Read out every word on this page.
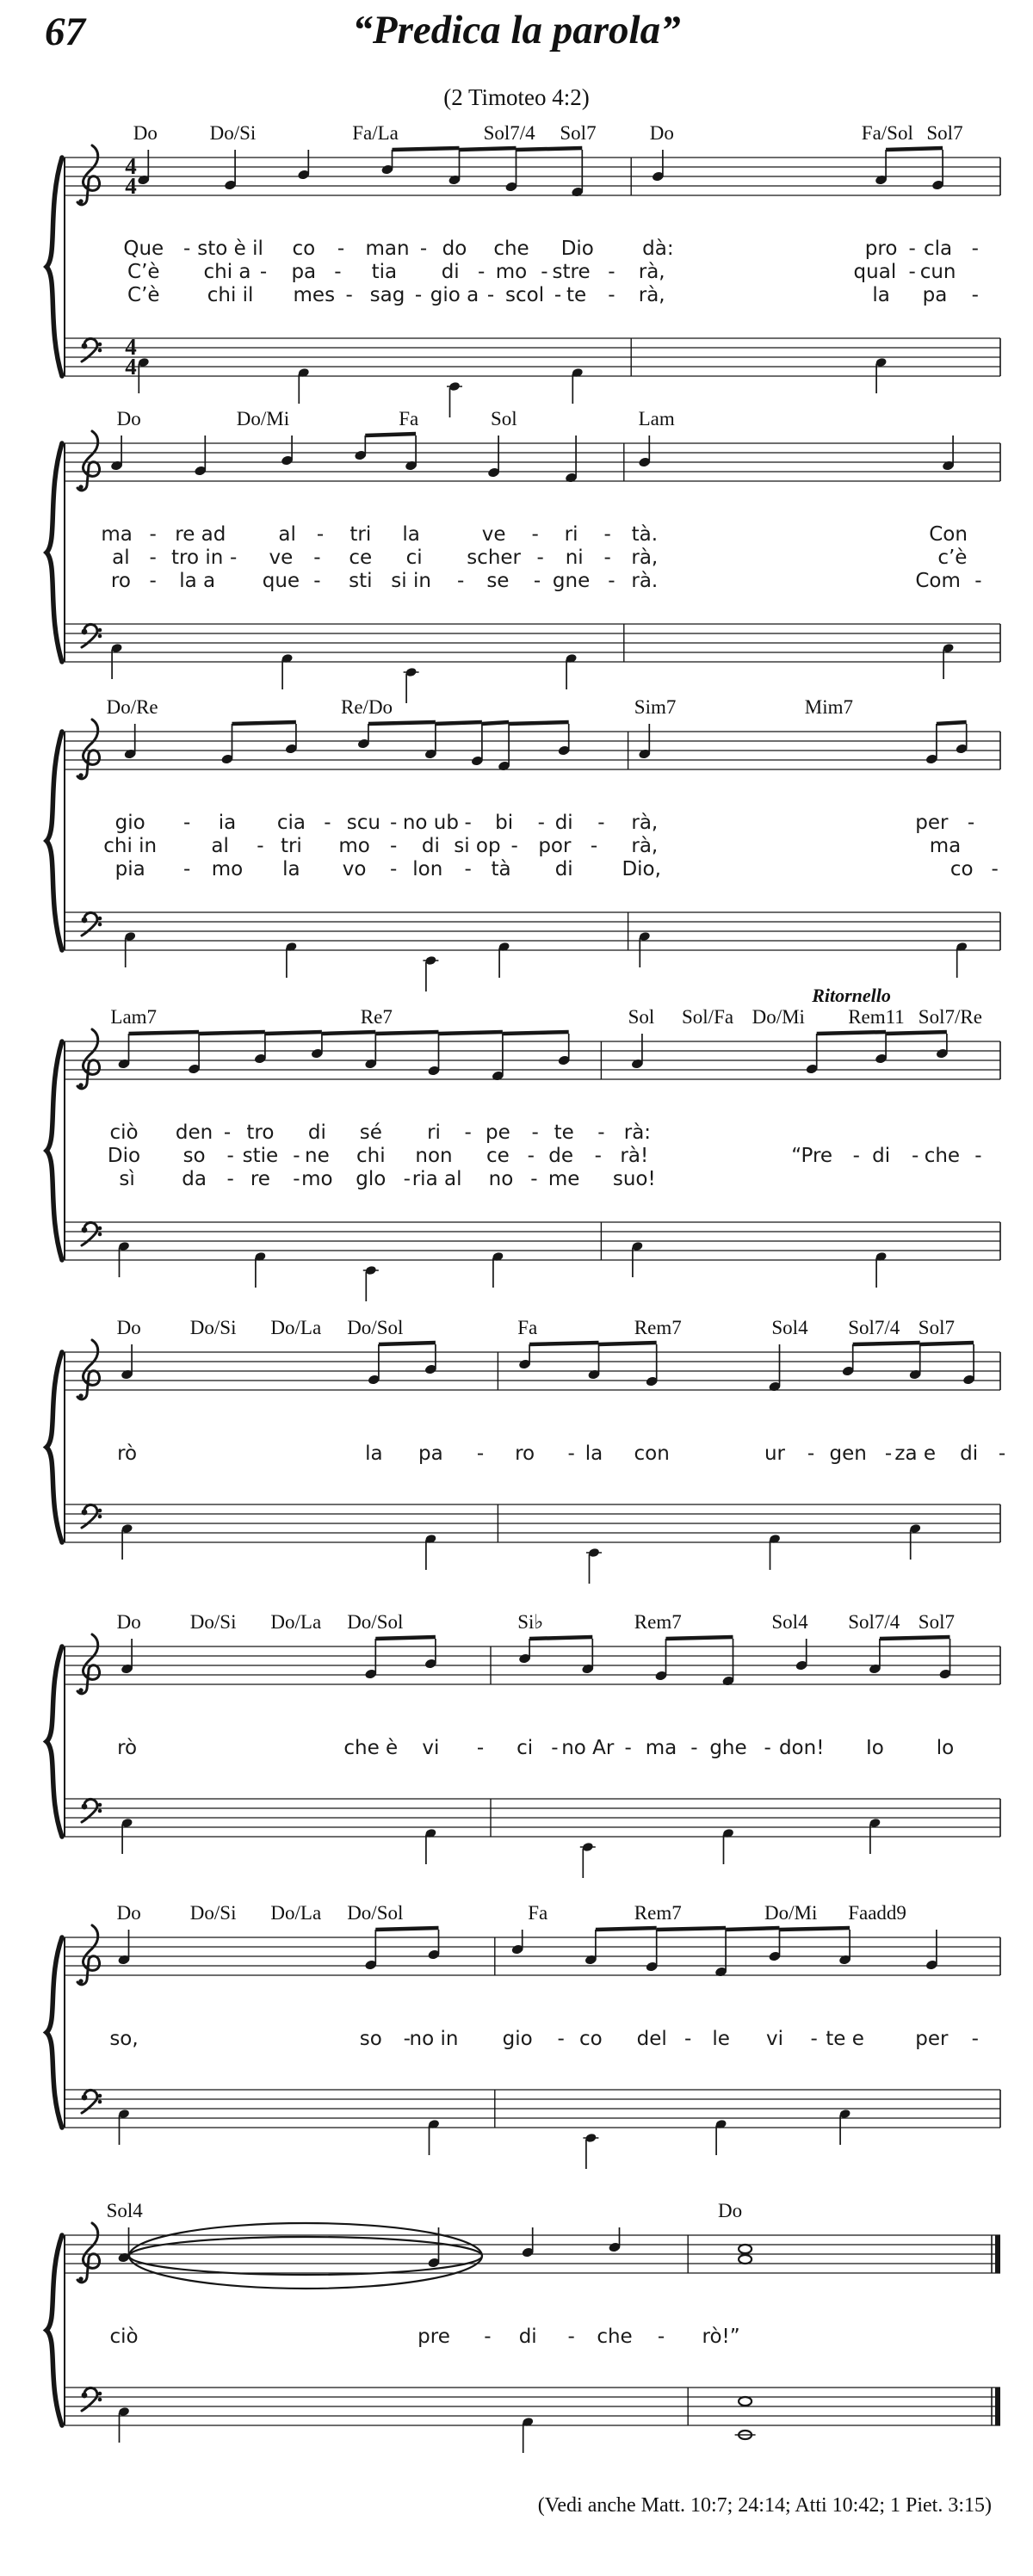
67	“Predica la parola”
(2 Timoteo 4:2)
4
4
4
4
Do	Do/Si	Fa/La	Sol7/4 Sol7	Do	Fa/Sol Sol7
Que - sto è il co - man - do che Dio dà:	pro - cla -
C’è chi a - pa - tia di - mo - stre - rà,	qual - cun
C’è chi il mes - sag - gio a - scol - te - rà,	la pa -
Do	Do/Mi	Fa	Sol	Lam
ma - re ad	al - tri la	ve - ri - tà.	Con
al - tro in - ve - ce ci scher - ni - rà,	c’è
ro - la a que - sti si in - se - gne - rà.	Com -
Do/Re	Re/Do	Sim7	Mim7
gio - ia cia - scu - no ub - bi - di - rà,	per -
chi in	al - tri mo - di si op - por - rà,	ma
pia - mo la vo - lon - tà di Dio,	co -
Lam7	Re7	Sol Sol/Fa Do/Mi Rem11 Sol7/Re
Ritornello
ciò den - tro di sé ri - pe - te - rà:
Dio so - stie - ne chi non ce - de - rà!	“Pre - di - che -
sì da - re - mo glo - ria al no - me suo!
Do Do/Si Do/La Do/Sol	Fa	Rem7	Sol4 Sol7/4 Sol7
rò	la pa - ro - la con	ur - gen - za e di -
Do Do/Si Do/La Do/Sol	Si♭	Rem7	Sol4 Sol7/4 Sol7
rò	che è vi - ci - no Ar - ma - ghe - don! Io	lo
Do Do/Si Do/La Do/Sol	Fa	Rem7	Do/Mi Faadd9
so,	so -
no in gio - co del - le vi - te e	per -
Sol4	Do
ciò	pre - di - che - rò!”
(Vedi anche Matt. 10:7; 24:14; Atti 10:42; 1 Piet. 3:15)
